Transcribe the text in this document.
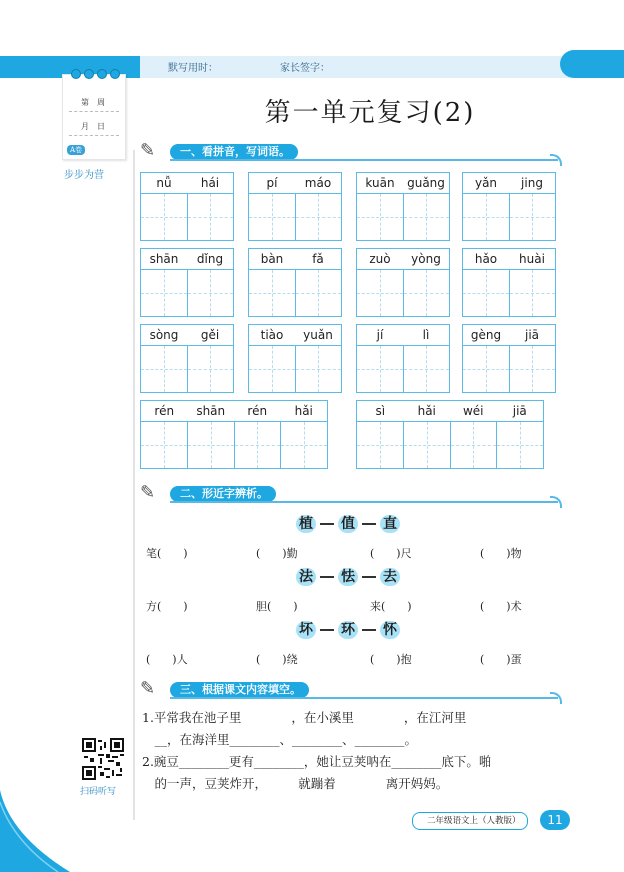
默写用时：	家长签字：
第　周
月　日
A卷
步步为营
第一单元复习(2)
✎	一、看拼音，写词语。
nǚ	hái	pí	máo	kuān	guǎng	yǎn	jing
shān	dǐng	bàn	fǎ	zuò	yòng	hǎo	huài
sòng	gěi	tiào	yuǎn	jí	lì	gèng	jiā
rén	shān	rén	hǎi	sì	hǎi	wéi	jiā
✎	二、形近字辨析。
植 值 直
笔(　　)	(　　)勤	(　　)尺	(　　)物
法 怯 去
方(　　)	胆(　　)	来(　　)	(　　)术
坏 环 怀
(　　)人	(　　)绕	(　　)抱	(　　)蛋
✎	三、根据课文内容填空。
1.平常我在池子里　　　　，在小溪里　　　　，在江河里
　__，在海洋里________、________、________。
2.豌豆________更有________，她让豆荚呐在________底下。啪
　的一声，豆荚炸开，　　　就蹦着　　　　离开妈妈。
扫码听写
二年级语文上（人教版）	11
